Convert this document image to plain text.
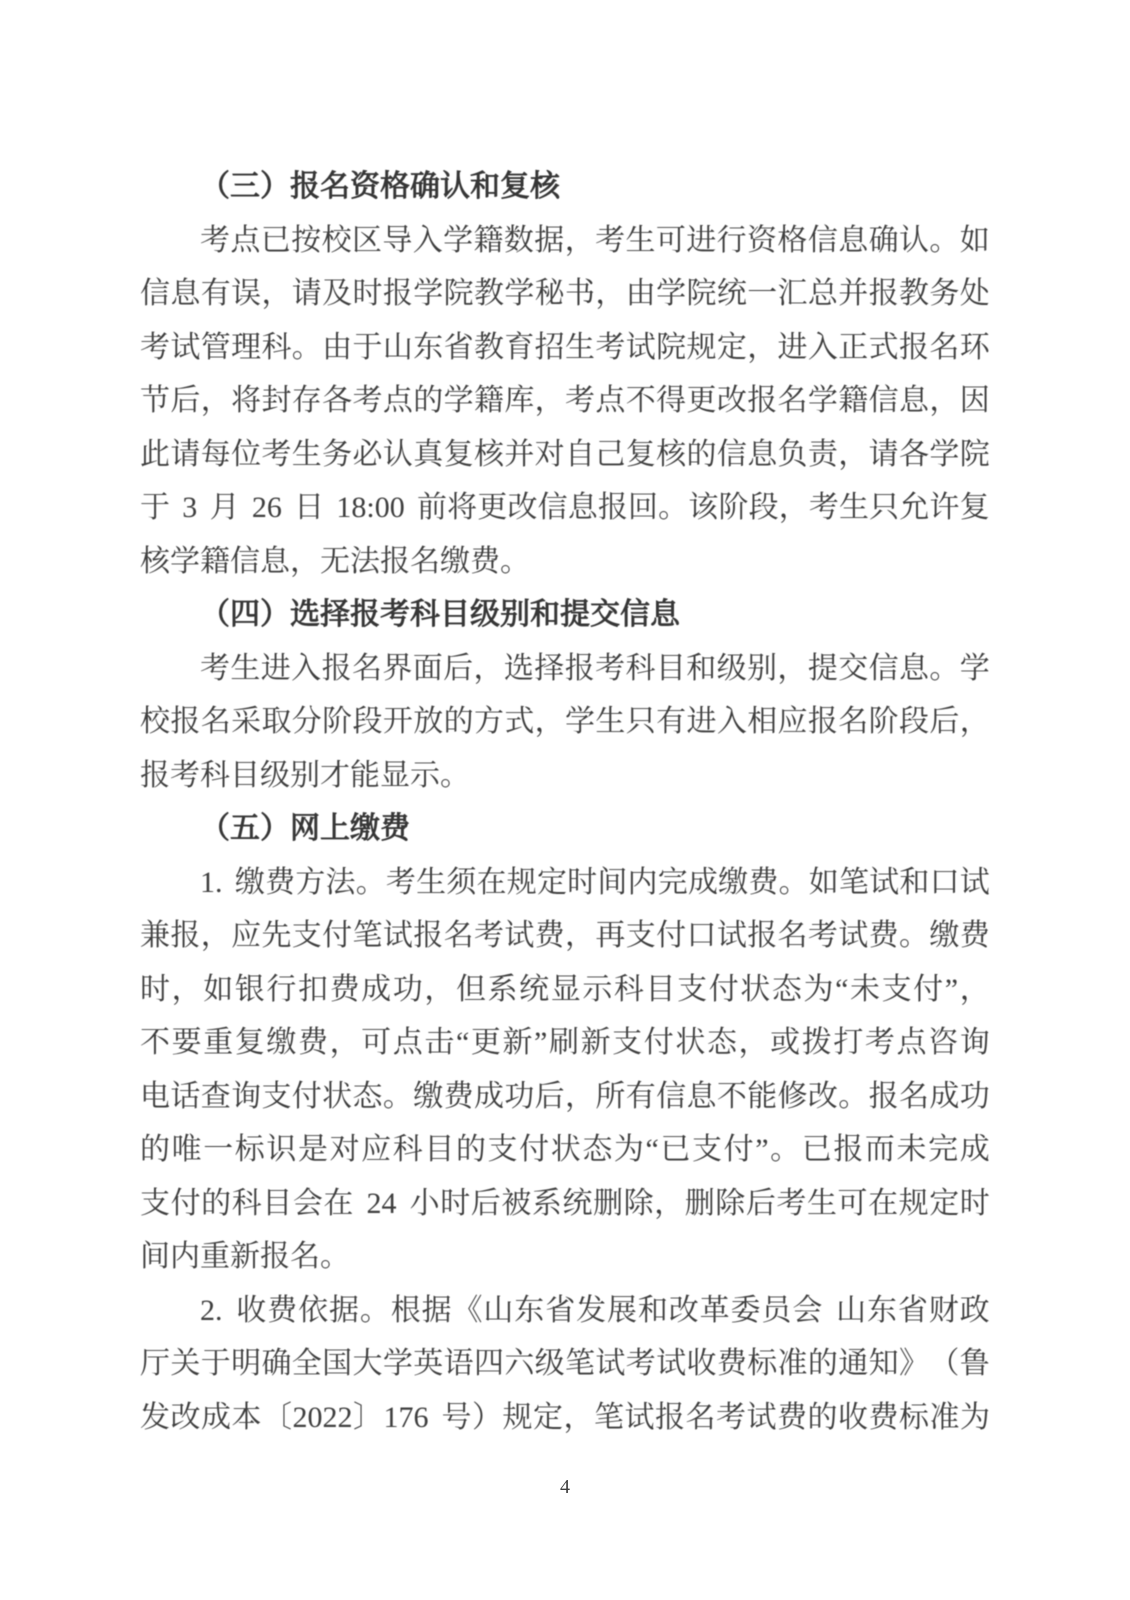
（三）报名资格确认和复核
考 点 已 按 校 区 导 入 学 籍 数 据 ， 考 生 可 进 行 资 格 信 息 确 认 。 如
信 息 有 误 ， 请 及 时 报 学 院 教 学 秘 书 ， 由 学 院 统 一 汇 总 并 报 教 务 处
考 试 管 理 科 。 由 于 山 东 省 教 育 招 生 考 试 院 规 定 ， 进 入 正 式 报 名 环
节 后 ， 将 封 存 各 考 点 的 学 籍 库 ， 考 点 不 得 更 改 报 名 学 籍 信 息 ， 因
此 请 每 位 考 生 务 必 认 真 复 核 并 对 自 己 复 核 的 信 息 负 责 ， 请 各 学 院
于 3 月 26 日 18:00 前 将 更 改 信 息 报 回 。 该 阶 段 ， 考 生 只 允 许 复
核学籍信息，无法报名缴费。
（四）选择报考科目级别和提交信息
考 生 进 入 报 名 界 面 后 ， 选 择 报 考 科 目 和 级 别 ， 提 交 信 息 。 学
校 报 名 采 取 分 阶 段 开 放 的 方 式 ， 学 生 只 有 进 入 相 应 报 名 阶 段 后 ，
报考科目级别才能显示。
（五）网上缴费
1. 缴 费 方 法 。 考 生 须 在 规 定 时 间 内 完 成 缴 费 。 如 笔 试 和 口 试
兼 报 ， 应 先 支 付 笔 试 报 名 考 试 费 ， 再 支 付 口 试 报 名 考 试 费 。 缴 费
时 ， 如 银 行 扣 费 成 功 ， 但 系 统 显 示 科 目 支 付 状 态 为 “ 未 支 付 ” ，
不 要 重 复 缴 费 ， 可 点 击 “ 更 新 ” 刷 新 支 付 状 态 ， 或 拨 打 考 点 咨 询
电 话 查 询 支 付 状 态 。 缴 费 成 功 后 ， 所 有 信 息 不 能 修 改 。 报 名 成 功
的 唯 一 标 识 是 对 应 科 目 的 支 付 状 态 为 “ 已 支 付 ” 。 已 报 而 未 完 成
支 付 的 科 目 会 在 24 小 时 后 被 系 统 删 除 ， 删 除 后 考 生 可 在 规 定 时
间内重新报名。
2. 收 费 依 据 。 根 据 《 山 东 省 发 展 和 改 革 委 员 会 山 东 省 财 政
厅 关 于 明 确 全 国 大 学 英 语 四 六 级 笔 试 考 试 收 费 标 准 的 通 知 》 （ 鲁
发 改 成 本 〔 2022 〕 176 号 ） 规 定 ， 笔 试 报 名 考 试 费 的 收 费 标 准 为
4
